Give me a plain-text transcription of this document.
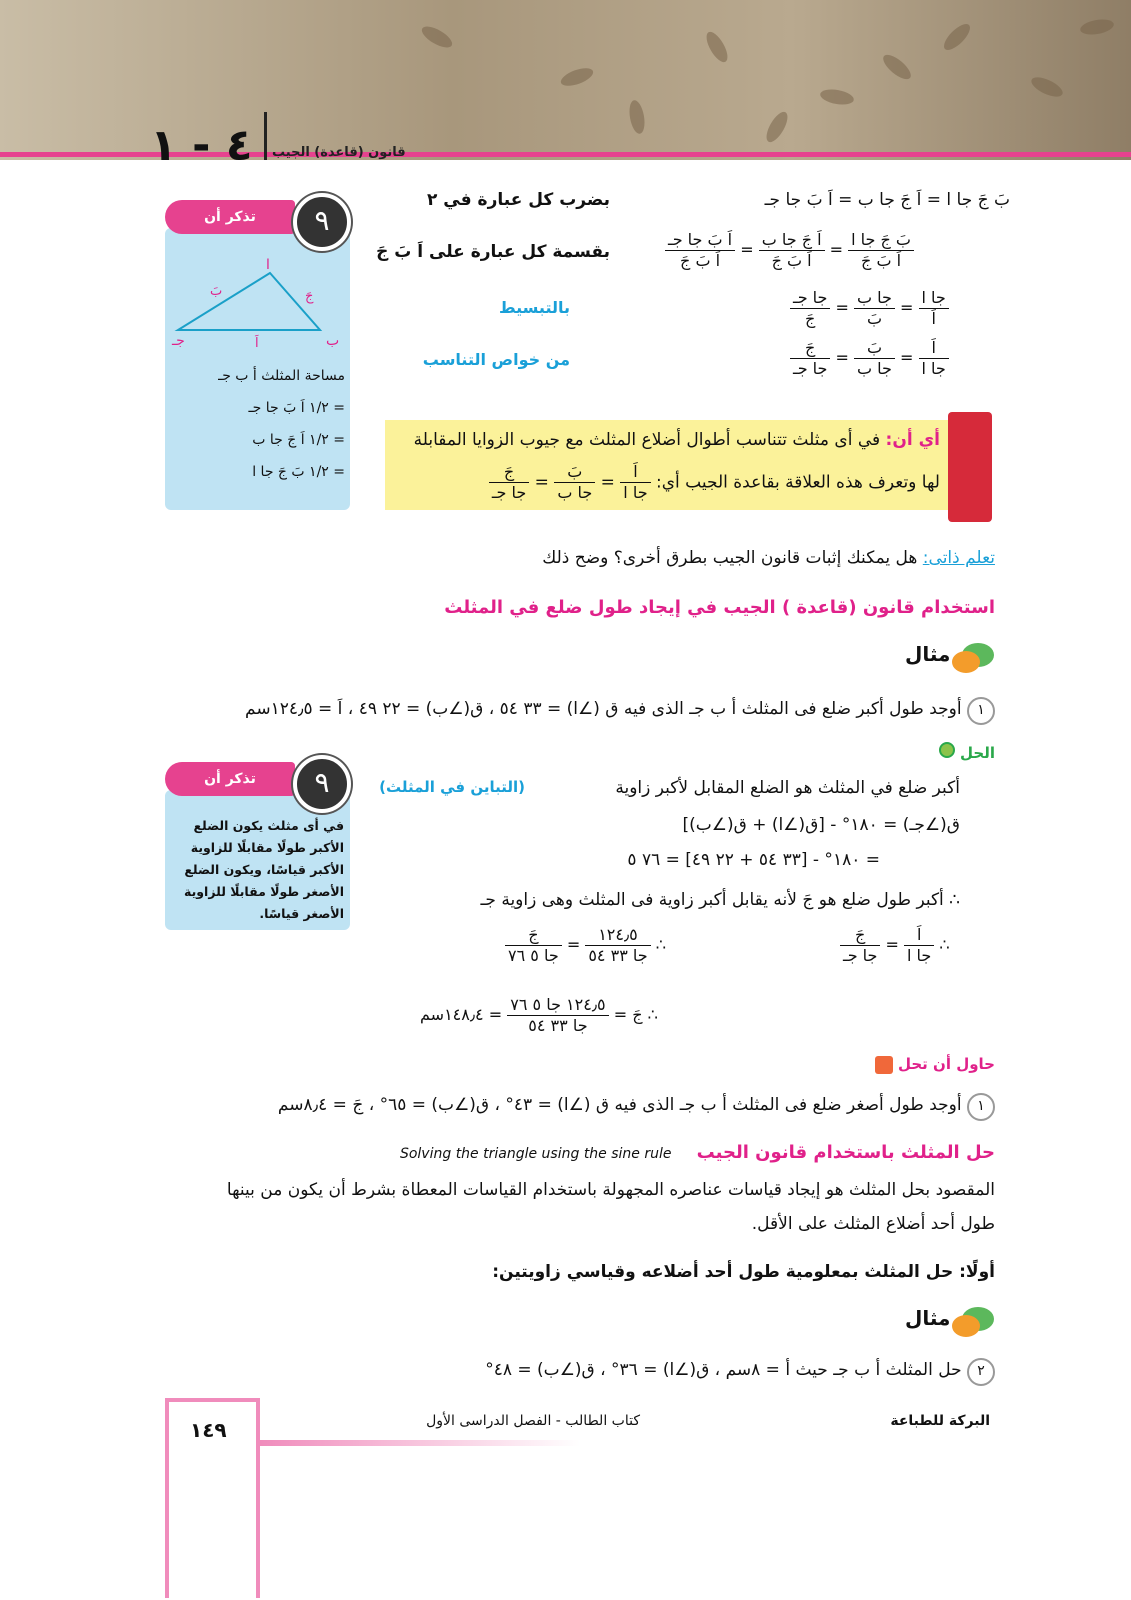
٤ - ١ قانون (قاعدة) الجيب
بَ جَ جا ا = اَ جَ جا ب = اَ بَ جا جـ
بضرب كل عبارة في ٢
بقسمة كل عبارة على اَ بَ جَ
بالتبسيط
من خواص التناسب
$\frac{\text{بَ جَ جا ا}}{\text{اَ بَ جَ}}$
=
$\frac{\text{اَ جَ جا ب}}{\text{اَ بَ جَ}}$
=
$\frac{\text{اَ بَ جا جـ}}{\text{اَ بَ جَ}}$
$\frac{\text{جا ا}}{\text{اَ}}$
=
$\frac{\text{جا ب}}{\text{بَ}}$
=
$\frac{\text{جا جـ}}{\text{جَ}}$
$\frac{\text{اَ}}{\text{جا ا}}$
=
$\frac{\text{بَ}}{\text{جا ب}}$
=
$\frac{\text{جَ}}{\text{جا جـ}}$
تذكر أن	٩
ا
جـ	ب
بَ	جَ
اَ
مساحة المثلث أ ب جـ
= ١/٢ اَ بَ جا جـ
= ١/٢ اَ جَ جا ب
= ١/٢ بَ جَ جا ا
أي أن: في أى مثلث تتناسب أطوال أضلاع المثلث مع جيوب الزوايا المقابلة
لها وتعرف هذه العلاقة بقاعدة الجيب أي:
$\frac{\text{اَ}}{\text{جا ا}}$
=
$\frac{\text{بَ}}{\text{جا ب}}$
=
$\frac{\text{جَ}}{\text{جا جـ}}$
تعلم ذاتى: هل يمكنك إثبات قانون الجيب بطرق أخرى؟ وضح ذلك
استخدام قانون (قاعدة ) الجيب في إيجاد طول ضلع في المثلث
مثال
١ أوجد طول أكبر ضلع فى المثلث أ ب جـ الذى فيه ق (∠ا) = ٣٣ ٥٤ ، ق(∠ب) = ٢٢ ٤٩ ، اَ = ١٢٤٫٥سم
الحل
أكبر ضلع في المثلث هو الضلع المقابل لأكبر زاوية
(التباين في المثلث)
ق(∠جـ) = ١٨٠° - [ق(∠ا) + ق(∠ب)]
= ١٨٠° - [٣٣ ٥٤ + ٢٢ ٤٩] = ٧٦ ٥
∴ أكبر طول ضلع هو جَ لأنه يقابل أكبر زاوية فى المثلث وهى زاوية جـ
∴
$\frac{\text{اَ}}{\text{جا ا}}$
=
$\frac{\text{جَ}}{\text{جا جـ}}$
∴
$\frac{١٢٤٫٥}{\text{جا ٣٣ ٥٤}}$
=
$\frac{\text{جَ}}{\text{جا ٥ ٧٦}}$
∴ جَ =
$\frac{\text{١٢٤٫٥ جا ٥ ٧٦}}{\text{جا ٣٣ ٥٤}}$
= ١٤٨٫٤سم
تذكر أن	٩
في أى مثلث يكون الضلع الأكبر طولًا مقابلًا للزاوية الأكبر قياسًا، ويكون الضلع الأصغر طولًا مقابلًا للزاوية الأصغر قياسًا.
حاول أن تحل
١ أوجد طول أصغر ضلع فى المثلث أ ب جـ الذى فيه ق (∠ا) = ٤٣° ، ق(∠ب) = ٦٥° ، جَ = ٨٫٤سم
حل المثلث باستخدام قانون الجيب Solving the triangle using the sine rule
المقصود بحل المثلث هو إيجاد قياسات عناصره المجهولة باستخدام القياسات المعطاة بشرط أن يكون من بينها
طول أحد أضلاع المثلث على الأقل.
أولًا: حل المثلث بمعلومية طول أحد أضلاعه وقياسي زاويتين:
مثال
٢ حل المثلث أ ب جـ حيث أ = ٨سم ، ق(∠ا) = ٣٦° ، ق(∠ب) = ٤٨°
١٤٩	كتاب الطالب - الفصل الدراسى الأول	البركة للطباعة
